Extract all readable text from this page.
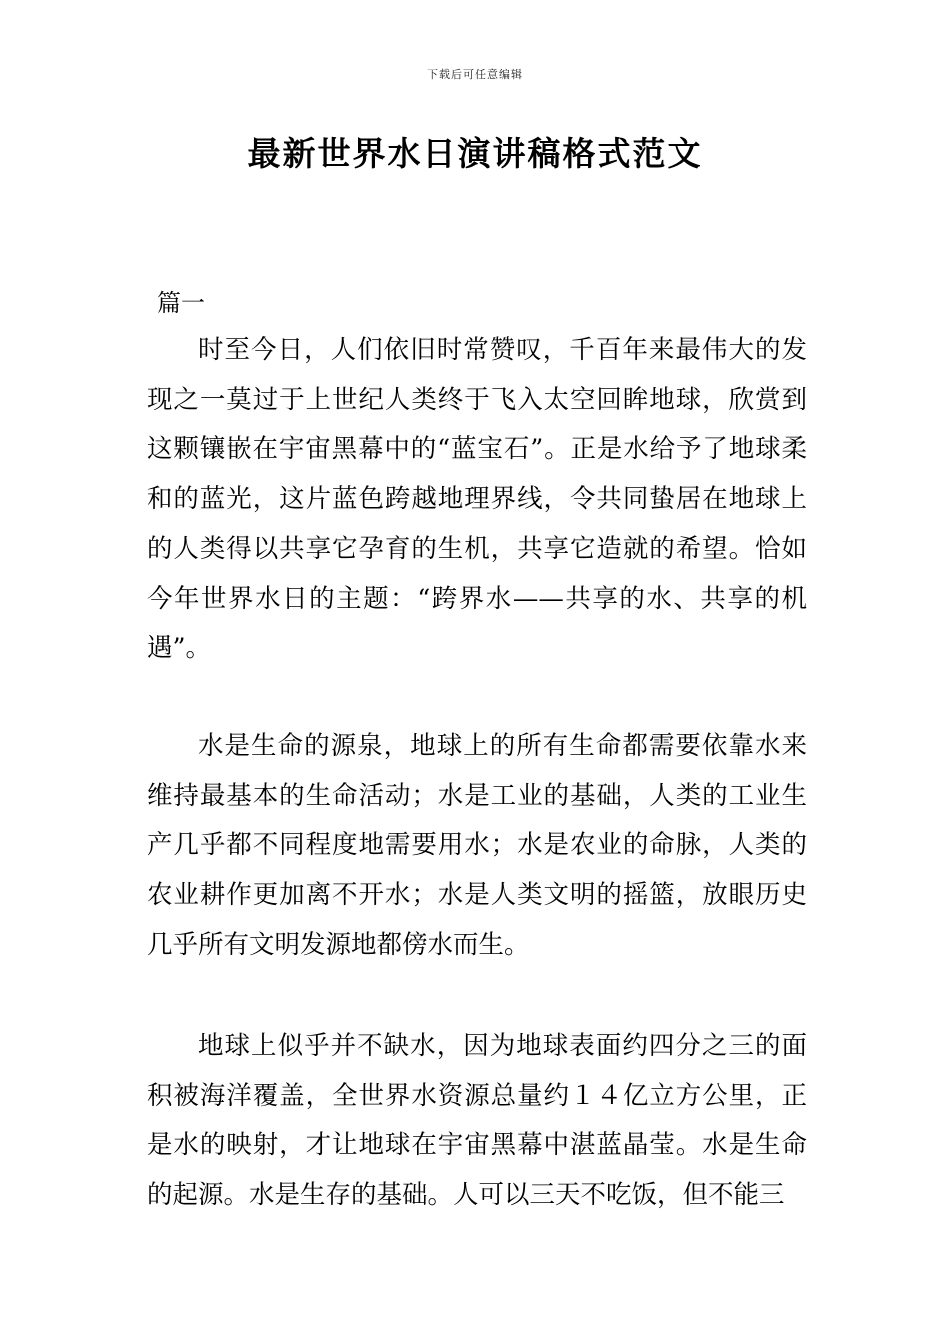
下载后可任意编辑
最新世界水日演讲稿格式范文
篇一

时至今日，人们依旧时常赞叹，千百年来最伟大的发现之一莫过于上世纪人类终于飞入太空回眸地球，欣赏到这颗镶嵌在宇宙黑幕中的“蓝宝石”。正是水给予了地球柔和的蓝光，这片蓝色跨越地理界线，令共同蛰居在地球上的人类得以共享它孕育的生机，共享它造就的希望。恰如今年世界水日的主题：“跨界水——共享的水、共享的机遇”。

水是生命的源泉，地球上的所有生命都需要依靠水来维持最基本的生命活动；水是工业的基础，人类的工业生产几乎都不同程度地需要用水；水是农业的命脉，人类的农业耕作更加离不开水；水是人类文明的摇篮，放眼历史几乎所有文明发源地都傍水而生。

地球上似乎并不缺水，因为地球表面约四分之三的面积被海洋覆盖，全世界水资源总量约１４亿立方公里，正是水的映射，才让地球在宇宙黑幕中湛蓝晶莹。水是生命的起源。水是生存的基础。人可以三天不吃饭，但不能三
